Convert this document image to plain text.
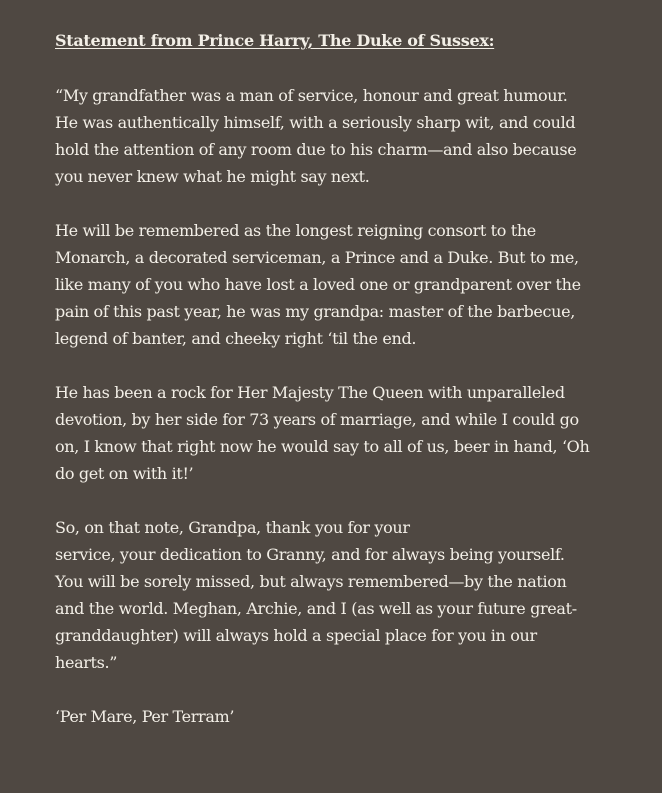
Statement from Prince Harry, The Duke of Sussex:

“My grandfather was a man of service, honour and great humour.
He was authentically himself, with a seriously sharp wit, and could
hold the attention of any room due to his charm—and also because
you never knew what he might say next.

He will be remembered as the longest reigning consort to the
Monarch, a decorated serviceman, a Prince and a Duke. But to me,
like many of you who have lost a loved one or grandparent over the
pain of this past year, he was my grandpa: master of the barbecue,
legend of banter, and cheeky right ‘til the end.

He has been a rock for Her Majesty The Queen with unparalleled
devotion, by her side for 73 years of marriage, and while I could go
on, I know that right now he would say to all of us, beer in hand, ‘Oh
do get on with it!’

So, on that note, Grandpa, thank you for your
service, your dedication to Granny, and for always being yourself.
You will be sorely missed, but always remembered—by the nation
and the world. Meghan, Archie, and I (as well as your future great-
granddaughter) will always hold a special place for you in our
hearts.”

‘Per Mare, Per Terram’
